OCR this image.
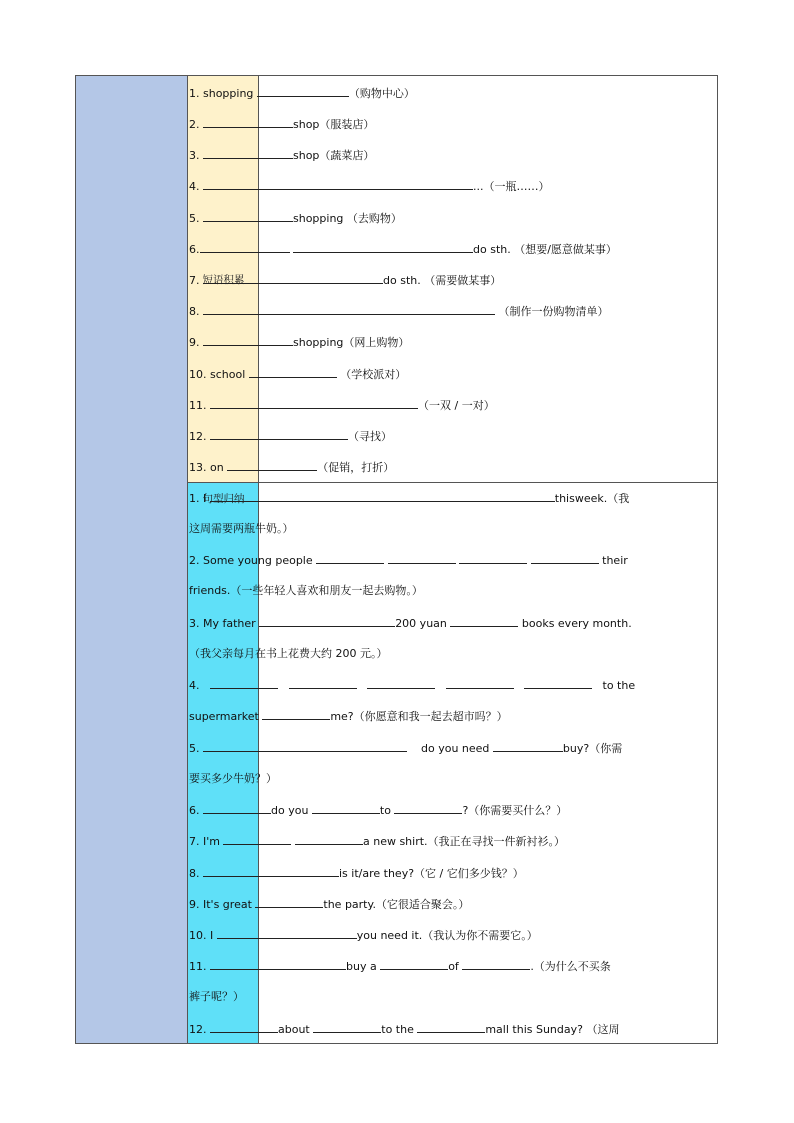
短语积累
句型归纳
1. shopping	（购物中心）
2.	shop（服装店）
3.	shop（蔬菜店）
4.	...（一瓶……）
5.	shopping （去购物）
6.	do sth. （想要/愿意做某事）
7.	do sth. （需要做某事）
8.	（制作一份购物清单）
9.	shopping（网上购物）
10. school	（学校派对）
11.	（一双 / 一对）
12.	（寻找）
13. on	（促销，打折）
1. I	thisweek.（我
这周需要两瓶牛奶。）
2. Some young people	their
friends.（一些年轻人喜欢和朋友一起去购物。）
3. My father	200 yuan	books every month.
（我父亲每月在书上花费大约 200 元。）
4.	to the
supermarket	me?（你愿意和我一起去超市吗？）
5.	do you need	buy?（你需
要买多少牛奶？）
6.	do you	to	?（你需要买什么？）
7. I'm	a new shirt.（我正在寻找一件新衬衫。）
8.	is it/are they?（它 / 它们多少钱？）
9. It's great	the party.（它很适合聚会。）
10. I	you need it.（我认为你不需要它。）
11.	buy a	of	.（为什么不买条
裤子呢？）
12.	about	to the	mall this Sunday? （这周
